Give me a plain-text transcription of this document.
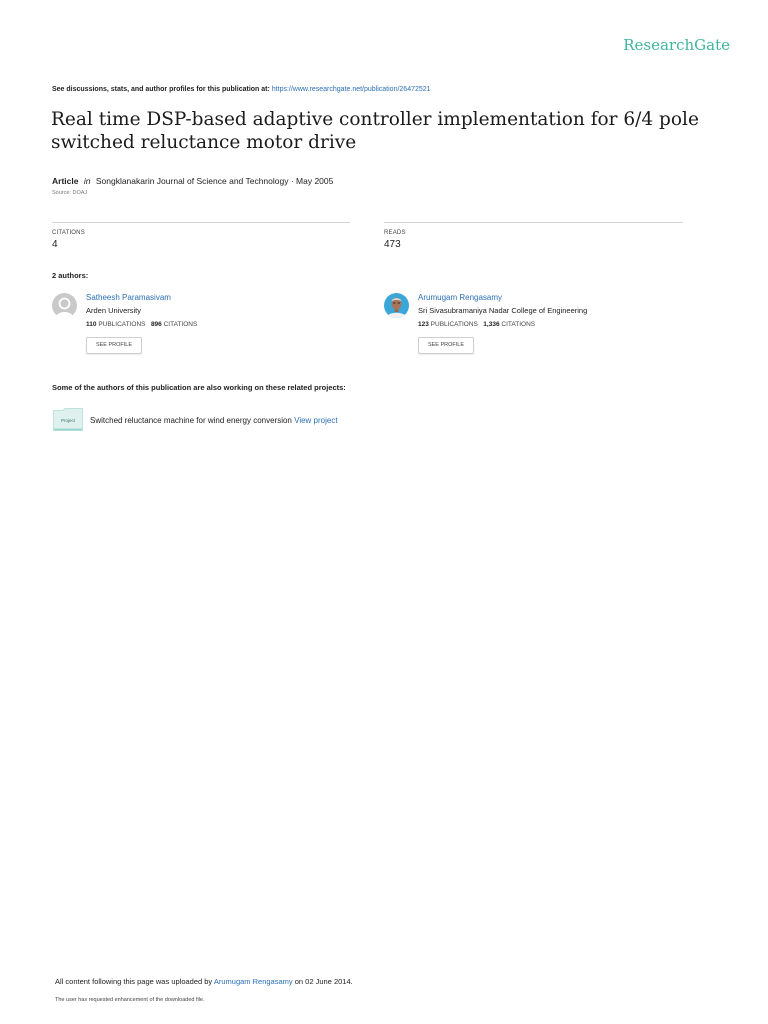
ResearchGate
See discussions, stats, and author profiles for this publication at: https://www.researchgate.net/publication/26472521
Real time DSP-based adaptive controller implementation for 6/4 pole switched reluctance motor drive
Article in Songklanakarin Journal of Science and Technology · May 2005
Source: DOAJ
CITATIONS
4
READS
473
2 authors:
Satheesh Paramasivam
Arden University
110 PUBLICATIONS 896 CITATIONS
SEE PROFILE
Arumugam Rengasamy
Sri Sivasubramaniya Nadar College of Engineering
123 PUBLICATIONS 1,336 CITATIONS
SEE PROFILE
Some of the authors of this publication are also working on these related projects:
Project	Switched reluctance machine for wind energy conversion View project
All content following this page was uploaded by Arumugam Rengasamy on 02 June 2014.
The user has requested enhancement of the downloaded file.
